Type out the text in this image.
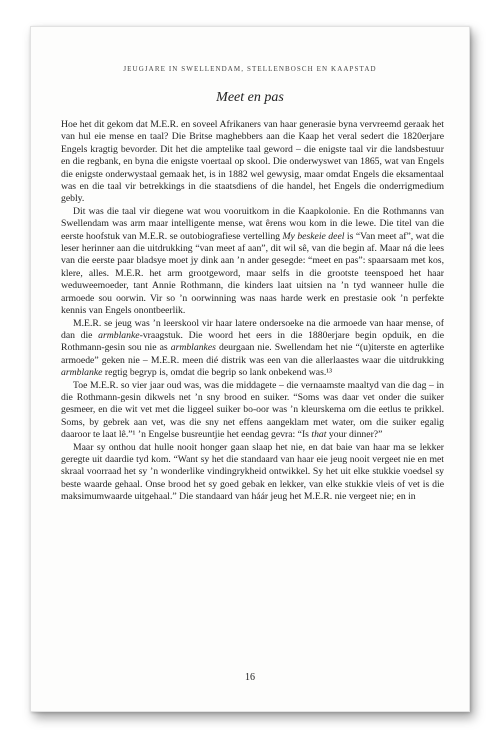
JEUGJARE IN SWELLENDAM, STELLENBOSCH EN KAAPSTAD
Meet en pas

Hoe het dit gekom dat M.E.R. en soveel Afrikaners van haar generasie byna vervreemd geraak het van hul eie mense en taal? Die Britse maghebbers aan die Kaap het veral sedert die 1820erjare Engels kragtig bevorder. Dit het die amptelike taal geword – die enigste taal vir die landsbestuur en die regbank, en byna die enigste voertaal op skool. Die onderwyswet van 1865, wat van Engels die enigste onderwystaal gemaak het, is in 1882 wel gewysig, maar omdat Engels die eksamentaal was en die taal vir betrekkings in die staatsdiens of die handel, het Engels die onderrigmedium gebly.

Dit was die taal vir diegene wat wou vooruitkom in die Kaapkolonie. En die Rothmanns van Swellendam was arm maar intelligente mense, wat êrens wou kom in die lewe. Die titel van die eerste hoofstuk van M.E.R. se outobiografiese vertelling My beskeie deel is “Van meet af”, wat die leser herinner aan die uitdrukking “van meet af aan”, dit wil sê, van die begin af. Maar ná die lees van die eerste paar bladsye moet jy dink aan ’n ander gesegde: “meet en pas”: spaarsaam met kos, klere, alles. M.E.R. het arm grootgeword, maar selfs in die grootste teenspoed het haar weduweemoeder, tant Annie Rothmann, die kinders laat uitsien na ’n tyd wanneer hulle die armoede sou oorwin. Vir so ’n oorwinning was naas harde werk en prestasie ook ’n perfekte kennis van Engels onontbeerlik.

M.E.R. se jeug was ’n leerskool vir haar latere ondersoeke na die armoede van haar mense, of dan die armblanke-vraagstuk. Die woord het eers in die 1880erjare begin opduik, en die Rothmann-gesin sou nie as armblankes deurgaan nie. Swellendam het nie “(u)iterste en agterlike armoede” geken nie – M.E.R. meen dié distrik was een van die allerlaastes waar die uitdrukking armblanke regtig begryp is, omdat die begrip so lank onbekend was.¹³

Toe M.E.R. so vier jaar oud was, was die middagete – die vernaamste maaltyd van die dag – in die Rothmann-gesin dikwels net ’n sny brood en suiker. “Soms was daar vet onder die suiker gesmeer, en die wit vet met die liggeel suiker bo-oor was ’n kleurskema om die eetlus te prikkel. Soms, by gebrek aan vet, was die sny net effens aangeklam met water, om die suiker egalig daaroor te laat lê.”¹ ’n Engelse busreuntjie het eendag gevra: “Is that your dinner?”

Maar sy onthou dat hulle nooit honger gaan slaap het nie, en dat baie van haar ma se lekker geregte uit daardie tyd kom. “Want sy het die standaard van haar eie jeug nooit vergeet nie en met skraal voorraad het sy ’n wonderlike vindingrykheid ontwikkel. Sy het uit elke stukkie voedsel sy beste waarde gehaal. Onse brood het sy goed gebak en lekker, van elke stukkie vleis of vet is die maksimumwaarde uitgehaal.” Die standaard van háár jeug het M.E.R. nie vergeet nie; en in

16
